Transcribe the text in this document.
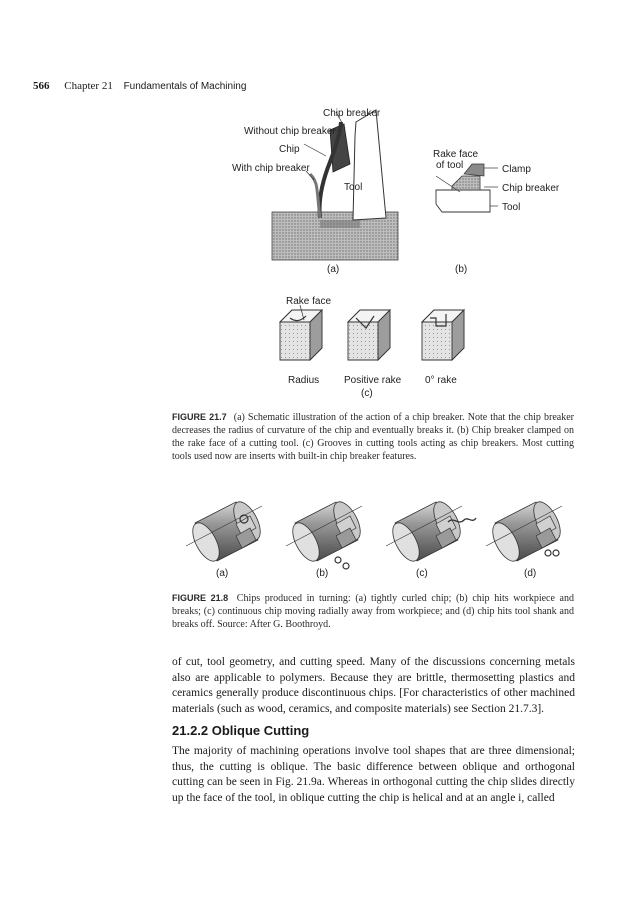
566 Chapter 21 Fundamentals of Machining
Chip breaker
Without chip breaker
Chip
With chip breaker
Tool
Rake face
of tool	Clamp
Chip breaker
Tool
(a)	(b)
Rake face
Radius Positive rake 0° rake
(c)
FIGURE 21.7 (a) Schematic illustration of the action of a chip breaker. Note that the chip breaker decreases the radius of curvature of the chip and eventually breaks it. (b) Chip breaker clamped on the rake face of a cutting tool. (c) Grooves in cutting tools acting as chip breakers. Most cutting tools used now are inserts with built-in chip breaker features.
(a)	(b)	(c)	(d)
FIGURE 21.8 Chips produced in turning: (a) tightly curled chip; (b) chip hits workpiece and breaks; (c) continuous chip moving radially away from workpiece; and (d) chip hits tool shank and breaks off. Source: After G. Boothroyd.
of cut, tool geometry, and cutting speed. Many of the discussions concerning metals also are applicable to polymers. Because they are brittle, thermosetting plastics and ceramics generally produce discontinuous chips. [For characteristics of other machined materials (such as wood, ceramics, and composite materials) see Section 21.7.3].
21.2.2 Oblique Cutting
The majority of machining operations involve tool shapes that are three dimensional; thus, the cutting is oblique. The basic difference between oblique and orthogonal cutting can be seen in Fig. 21.9a. Whereas in orthogonal cutting the chip slides directly up the face of the tool, in oblique cutting the chip is helical and at an angle i, called
